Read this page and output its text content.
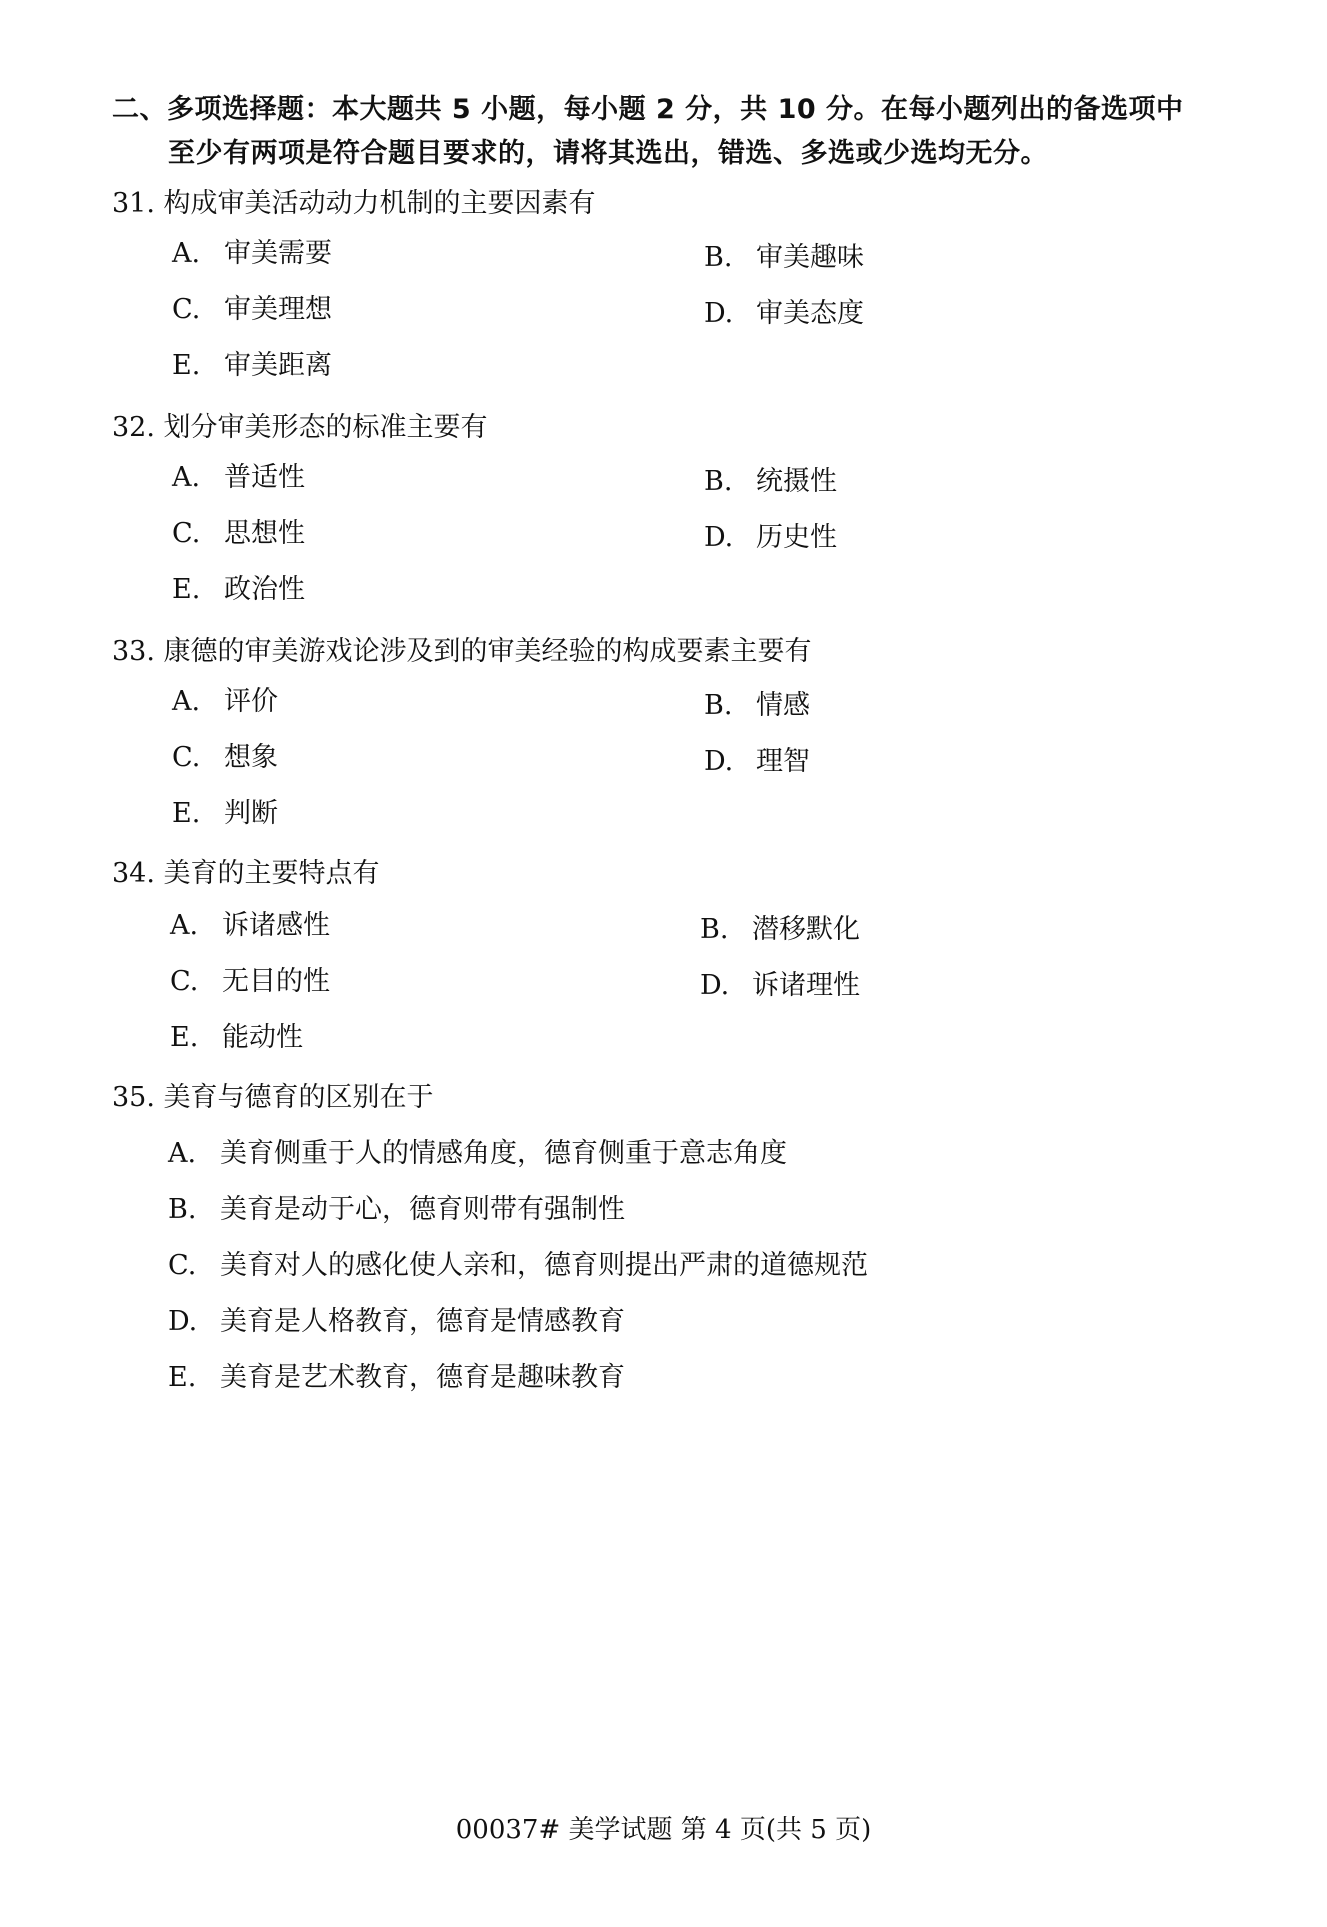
二、多项选择题：本大题共 5 小题，每小题 2 分，共 10 分。在每小题列出的备选项中
至少有两项是符合题目要求的，请将其选出，错选、多选或少选均无分。
31. 构成审美活动动力机制的主要因素有
A. 审美需要	B. 审美趣味
C. 审美理想	D. 审美态度
E. 审美距离
32. 划分审美形态的标准主要有
A. 普适性	B. 统摄性
C. 思想性	D. 历史性
E. 政治性
33. 康德的审美游戏论涉及到的审美经验的构成要素主要有
A. 评价	B. 情感
C. 想象	D. 理智
E. 判断
34. 美育的主要特点有
A. 诉诸感性	B. 潜移默化
C. 无目的性	D. 诉诸理性
E. 能动性
35. 美育与德育的区别在于
A. 美育侧重于人的情感角度，德育侧重于意志角度
B. 美育是动于心，德育则带有强制性
C. 美育对人的感化使人亲和，德育则提出严肃的道德规范
D. 美育是人格教育，德育是情感教育
E. 美育是艺术教育，德育是趣味教育
00037# 美学试题 第 4 页(共 5 页)
